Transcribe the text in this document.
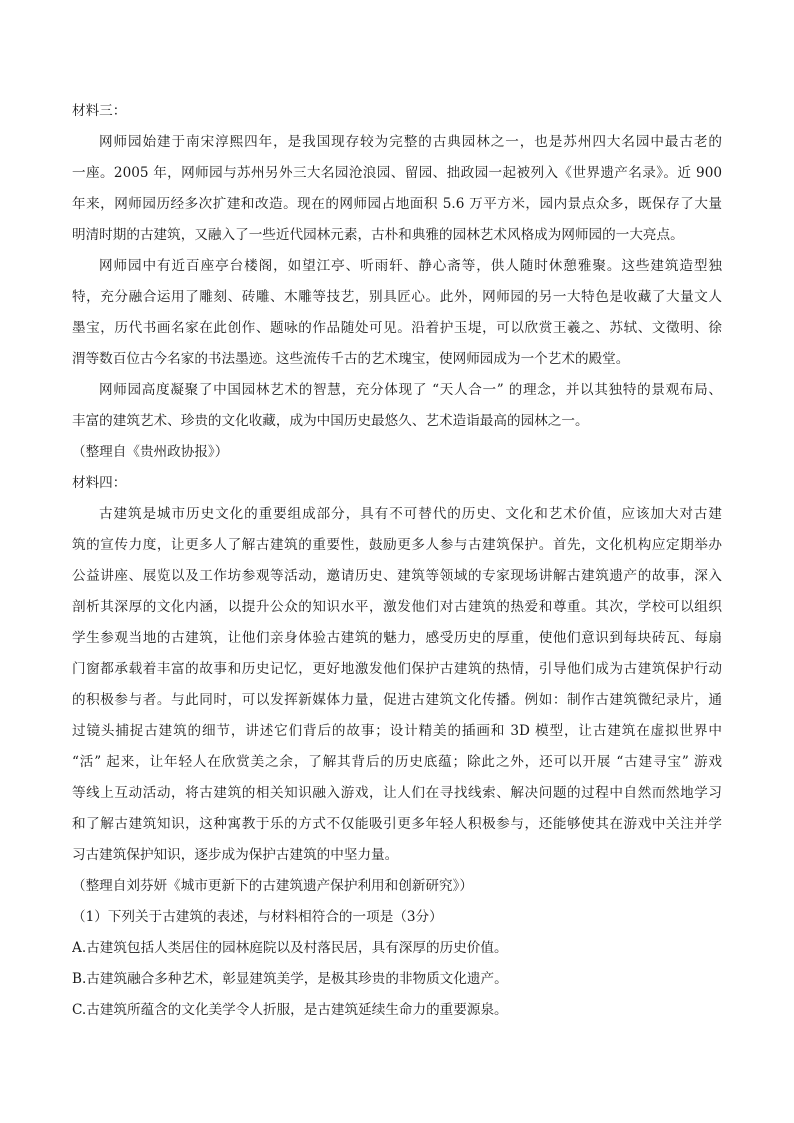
材料三：
网师园始建于南宋淳熙四年，是我国现存较为完整的古典园林之一，也是苏州四大名园中最古老的
一座。2005 年，网师园与苏州另外三大名园沧浪园、留园、拙政园一起被列入《世界遗产名录》。近 900
年来，网师园历经多次扩建和改造。现在的网师园占地面积 5.6 万平方米，园内景点众多，既保存了大量
明清时期的古建筑，又融入了一些近代园林元素，古朴和典雅的园林艺术风格成为网师园的一大亮点。
网师园中有近百座亭台楼阁，如望江亭、听雨轩、静心斋等，供人随时休憩雅聚。这些建筑造型独
特，充分融合运用了雕刻、砖雕、木雕等技艺，别具匠心。此外，网师园的另一大特色是收藏了大量文人
墨宝，历代书画名家在此创作、题咏的作品随处可见。沿着护玉堤，可以欣赏王羲之、苏轼、文徵明、徐
渭等数百位古今名家的书法墨迹。这些流传千古的艺术瑰宝，使网师园成为一个艺术的殿堂。
网师园高度凝聚了中国园林艺术的智慧，充分体现了 “天人合一” 的理念，并以其独特的景观布局、
丰富的建筑艺术、珍贵的文化收藏，成为中国历史最悠久、艺术造诣最高的园林之一。
（整理自《贵州政协报》）
材料四：
古建筑是城市历史文化的重要组成部分，具有不可替代的历史、文化和艺术价值，应该加大对古建
筑的宣传力度，让更多人了解古建筑的重要性，鼓励更多人参与古建筑保护。首先，文化机构应定期举办
公益讲座、展览以及工作坊参观等活动，邀请历史、建筑等领域的专家现场讲解古建筑遗产的故事，深入
剖析其深厚的文化内涵，以提升公众的知识水平，激发他们对古建筑的热爱和尊重。其次，学校可以组织
学生参观当地的古建筑，让他们亲身体验古建筑的魅力，感受历史的厚重，使他们意识到每块砖瓦、每扇
门窗都承载着丰富的故事和历史记忆，更好地激发他们保护古建筑的热情，引导他们成为古建筑保护行动
的积极参与者。与此同时，可以发挥新媒体力量，促进古建筑文化传播。例如：制作古建筑微纪录片，通
过镜头捕捉古建筑的细节，讲述它们背后的故事；设计精美的插画和 3D 模型，让古建筑在虚拟世界中
“活” 起来，让年轻人在欣赏美之余，了解其背后的历史底蕴；除此之外，还可以开展 “古建寻宝” 游戏
等线上互动活动，将古建筑的相关知识融入游戏，让人们在寻找线索、解决问题的过程中自然而然地学习
和了解古建筑知识，这种寓教于乐的方式不仅能吸引更多年轻人积极参与，还能够使其在游戏中关注并学
习古建筑保护知识，逐步成为保护古建筑的中坚力量。
（整理自刘芬妍《城市更新下的古建筑遗产保护利用和创新研究》）
（1）下列关于古建筑的表述，与材料相符合的一项是（3分）
A.古建筑包括人类居住的园林庭院以及村落民居，具有深厚的历史价值。
B.古建筑融合多种艺术，彰显建筑美学，是极其珍贵的非物质文化遗产。
C.古建筑所蕴含的文化美学令人折服，是古建筑延续生命力的重要源泉。
